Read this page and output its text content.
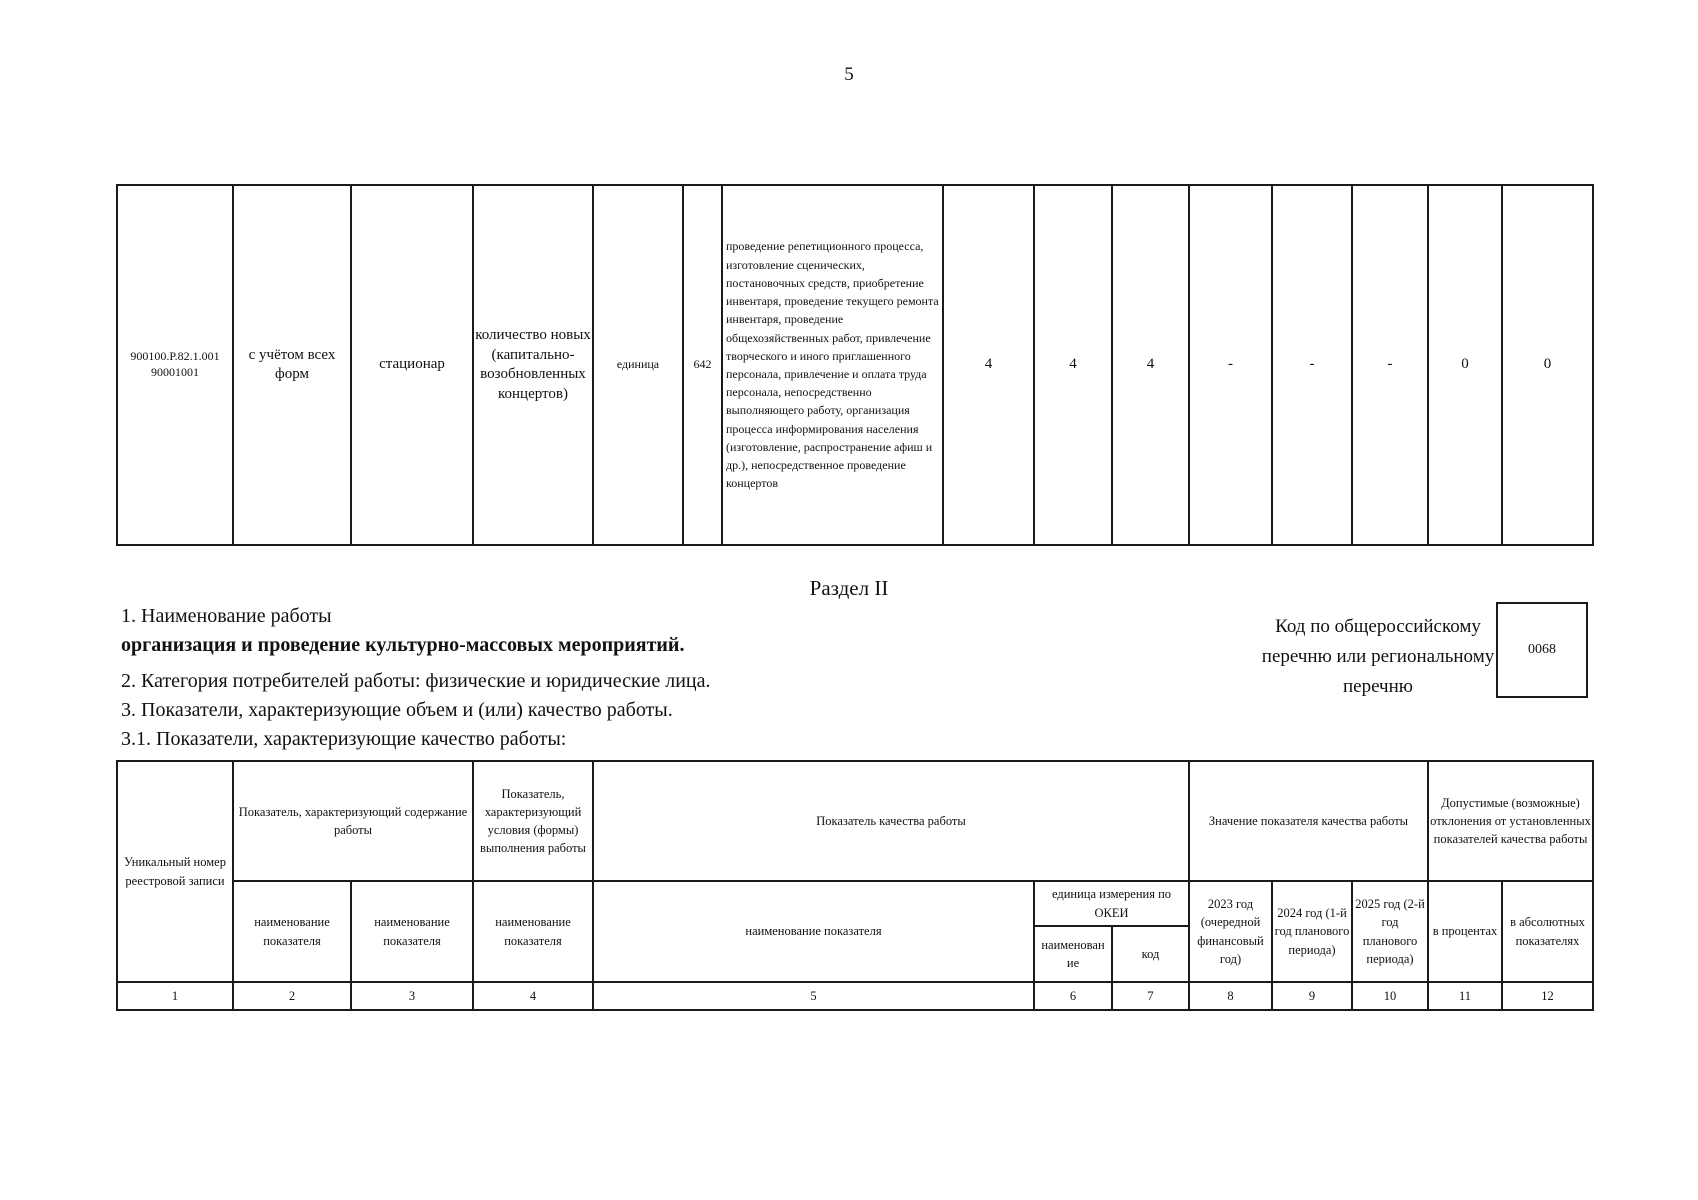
5
900100.Р.82.1.001 90001001	с учётом всех форм	стационар	количество новых (капитально-возобновленных концертов)	единица	642	проведение репетиционного процесса, изготовление сценических, постановочных средств, приобретение инвентаря, проведение текущего ремонта инвентаря, проведение общехозяйственных работ, привлечение творческого и иного приглашенного персонала, привлечение и оплата труда персонала, непосредственно выполняющего работу, организация процесса информирования населения (изготовление, распространение афиш и др.), непосредственное проведение концертов	4	4	4	-	-	-	0	0
Раздел II
1. Наименование работы
организация и проведение культурно-массовых мероприятий.
2. Категория потребителей работы: физические и юридические лица.
3. Показатели, характеризующие объем и (или) качество работы.
3.1. Показатели, характеризующие качество работы:
Код по общероссийскому перечню или региональному перечню
0068
Уникальный номер реестровой записи	Показатель, характеризующий содержание работы		Показатель, характеризующий условия (формы) выполнения работы	Показатель качества работы			Значение показателя качества работы			Допустимые (возможные) отклонения от установленных показателей качества работы	
	наименование показателя	наименование показателя	наименование показателя	наименование показателя	единица измерения по ОКЕИ		2023 год (очередной финансовый год)	2024 год (1-й год планового периода)	2025 год (2-й год планового периода)	в процентах	в абсолютных показателях
					наименован ие	код					
1	2	3	4	5	6	7	8	9	10	11	12
